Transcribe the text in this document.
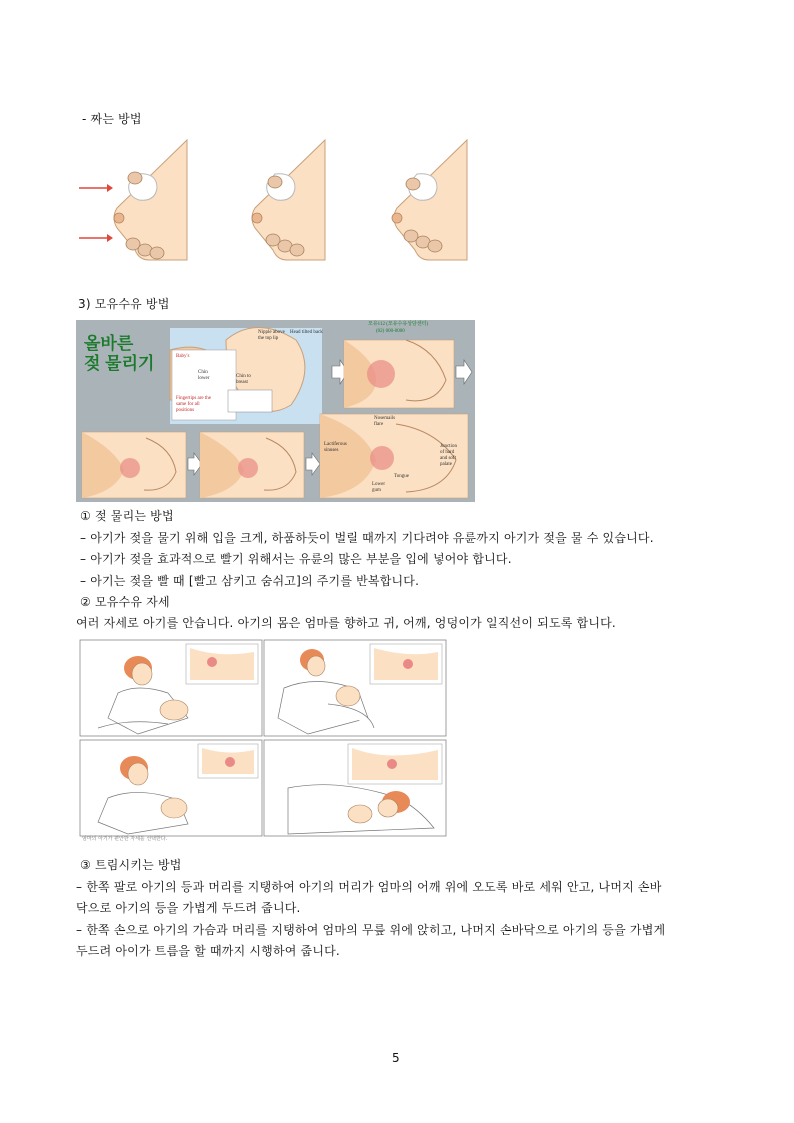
- 짜는 방법
3) 모유수유 방법
올바른
젖 물리기
Nipple above
the top lip
Head tilted back
Baby's
Chin
lower	Chin to
breast
Fingertips are the
same for all
positions
모유112 (모유수유상담센터)
(02) 000-0000
Nosemails
flare
Lactiferous
sinuses
Junction
of hard
and soft
palate
Tongue
Lower
gum
① 젖 물리는 방법
– 아기가 젖을 물기 위해 입을 크게, 하품하듯이 벌릴 때까지 기다려야 유륜까지 아기가 젖을 물 수 있습니다.
– 아기가 젖을 효과적으로 빨기 위해서는 유륜의 많은 부분을 입에 넣어야 합니다.
– 아기는 젖을 빨 때 [빨고 삼키고 숨쉬고]의 주기를 반복합니다.
② 모유수유 자세
여러 자세로 아기를 안습니다. 아기의 몸은 엄마를 향하고 귀, 어깨, 엉덩이가 일직선이 되도록 합니다.
엄마의 아기가 편안한 자세를 선택한다.
③ 트림시키는 방법
– 한쪽 팔로 아기의 등과 머리를 지탱하여 아기의 머리가 엄마의 어깨 위에 오도록 바로 세워 안고, 나머지 손바
닥으로 아기의 등을 가볍게 두드려 줍니다.
– 한쪽 손으로 아기의 가슴과 머리를 지탱하여 엄마의 무릎 위에 앉히고, 나머지 손바닥으로 아기의 등을 가볍게
두드려 아이가 트름을 할 때까지 시행하여 줍니다.
5
